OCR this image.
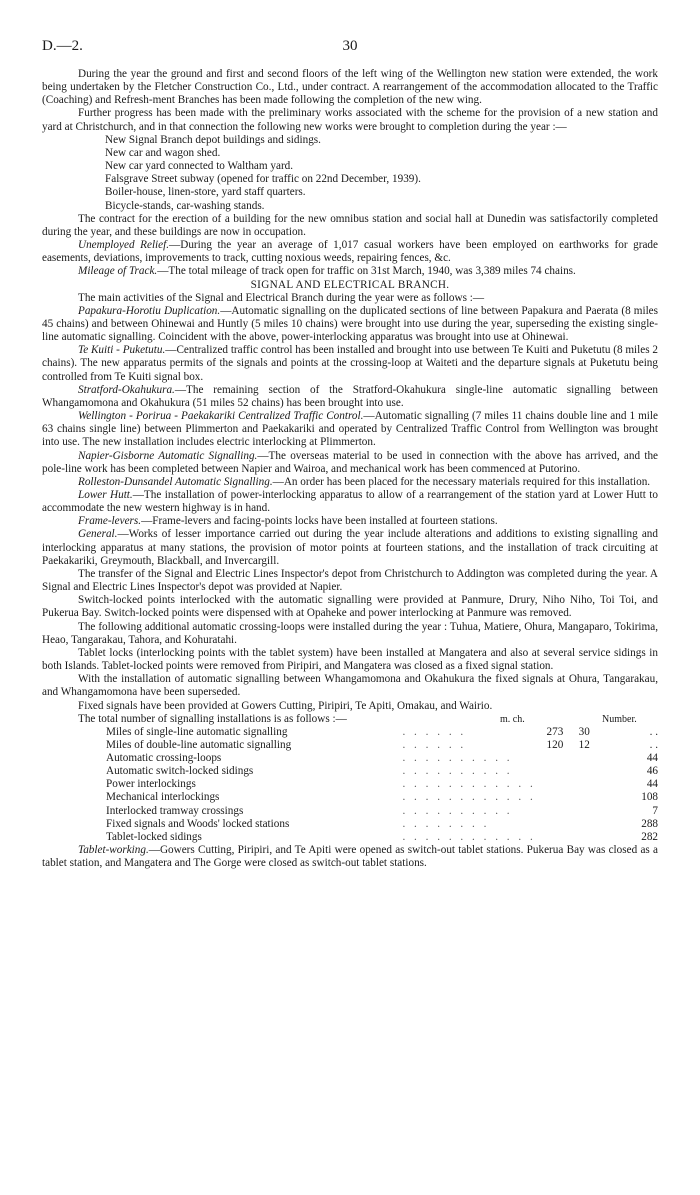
D.—2.	30

During the year the ground and first and second floors of the left wing of the Wellington new station were extended, the work being undertaken by the Fletcher Construction Co., Ltd., under contract. A rearrangement of the accommodation allocated to the Traffic (Coaching) and Refresh-ment Branches has been made following the completion of the new wing.

Further progress has been made with the preliminary works associated with the scheme for the provision of a new station and yard at Christchurch, and in that connection the following new works were brought to completion during the year :—

New Signal Branch depot buildings and sidings.
New car and wagon shed.
New car yard connected to Waltham yard.
Falsgrave Street subway (opened for traffic on 22nd December, 1939).
Boiler-house, linen-store, yard staff quarters.
Bicycle-stands, car-washing stands.

The contract for the erection of a building for the new omnibus station and social hall at Dunedin was satisfactorily completed during the year, and these buildings are now in occupation.

Unemployed Relief.—During the year an average of 1,017 casual workers have been employed on earthworks for grade easements, deviations, improvements to track, cutting noxious weeds, repairing fences, &c.

Mileage of Track.—The total mileage of track open for traffic on 31st March, 1940, was 3,389 miles 74 chains.

SIGNAL AND ELECTRICAL BRANCH.

The main activities of the Signal and Electrical Branch during the year were as follows :—

Papakura-Horotiu Duplication.—Automatic signalling on the duplicated sections of line between Papakura and Paerata (8 miles 45 chains) and between Ohinewai and Huntly (5 miles 10 chains) were brought into use during the year, superseding the existing single-line automatic signalling. Coincident with the above, power-interlocking apparatus was brought into use at Ohinewai.

Te Kuiti - Puketutu.—Centralized traffic control has been installed and brought into use between Te Kuiti and Puketutu (8 miles 2 chains). The new apparatus permits of the signals and points at the crossing-loop at Waiteti and the departure signals at Puketutu being controlled from Te Kuiti signal box.

Stratford-Okahukura.—The remaining section of the Stratford-Okahukura single-line automatic signalling between Whangamomona and Okahukura (51 miles 52 chains) has been brought into use.

Wellington - Porirua - Paekakariki Centralized Traffic Control.—Automatic signalling (7 miles 11 chains double line and 1 mile 63 chains single line) between Plimmerton and Paekakariki and operated by Centralized Traffic Control from Wellington was brought into use. The new installation includes electric interlocking at Plimmerton.

Napier-Gisborne Automatic Signalling.—The overseas material to be used in connection with the above has arrived, and the pole-line work has been completed between Napier and Wairoa, and mechanical work has been commenced at Putorino.

Rolleston-Dunsandel Automatic Signalling.—An order has been placed for the necessary materials required for this installation.

Lower Hutt.—The installation of power-interlocking apparatus to allow of a rearrangement of the station yard at Lower Hutt to accommodate the new western highway is in hand.

Frame-levers.—Frame-levers and facing-points locks have been installed at fourteen stations.

General.—Works of lesser importance carried out during the year include alterations and additions to existing signalling and interlocking apparatus at many stations, the provision of motor points at fourteen stations, and the installation of track circuiting at Paekakariki, Greymouth, Blackball, and Invercargill.

The transfer of the Signal and Electric Lines Inspector's depot from Christchurch to Addington was completed during the year. A Signal and Electric Lines Inspector's depot was provided at Napier.

Switch-locked points interlocked with the automatic signalling were provided at Panmure, Drury, Niho Niho, Toi Toi, and Pukerua Bay. Switch-locked points were dispensed with at Opaheke and power interlocking at Panmure was removed.

The following additional automatic crossing-loops were installed during the year : Tuhua, Matiere, Ohura, Mangaparo, Tokirima, Heao, Tangarakau, Tahora, and Kohuratahi.

Tablet locks (interlocking points with the tablet system) have been installed at Mangatera and also at several service sidings in both Islands. Tablet-locked points were removed from Piripiri, and Mangatera was closed as a fixed signal station.

With the installation of automatic signalling between Whangamomona and Okahukura the fixed signals at Ohura, Tangarakau, and Whangamomona have been superseded.

Fixed signals have been provided at Gowers Cutting, Piripiri, Te Apiti, Omakau, and Wairio.

The total number of signalling installations is as follows :—	m. ch.	Number.
Miles of single-line automatic signalling	. . . . . .	273	30	. .
Miles of double-line automatic signalling	. . . . . .	120	12	. .
Automatic crossing-loops	. . . . . . . . . .			44
Automatic switch-locked sidings	. . . . . . . . . .			46
Power interlockings	. . . . . . . . . . . .			44
Mechanical interlockings	. . . . . . . . . . . .			108
Interlocked tramway crossings	. . . . . . . . . .			7
Fixed signals and Woods' locked stations	. . . . . . . .			288
Tablet-locked sidings	. . . . . . . . . . . .			282

Tablet-working.—Gowers Cutting, Piripiri, and Te Apiti were opened as switch-out tablet stations. Pukerua Bay was closed as a tablet station, and Mangatera and The Gorge were closed as switch-out tablet stations.
